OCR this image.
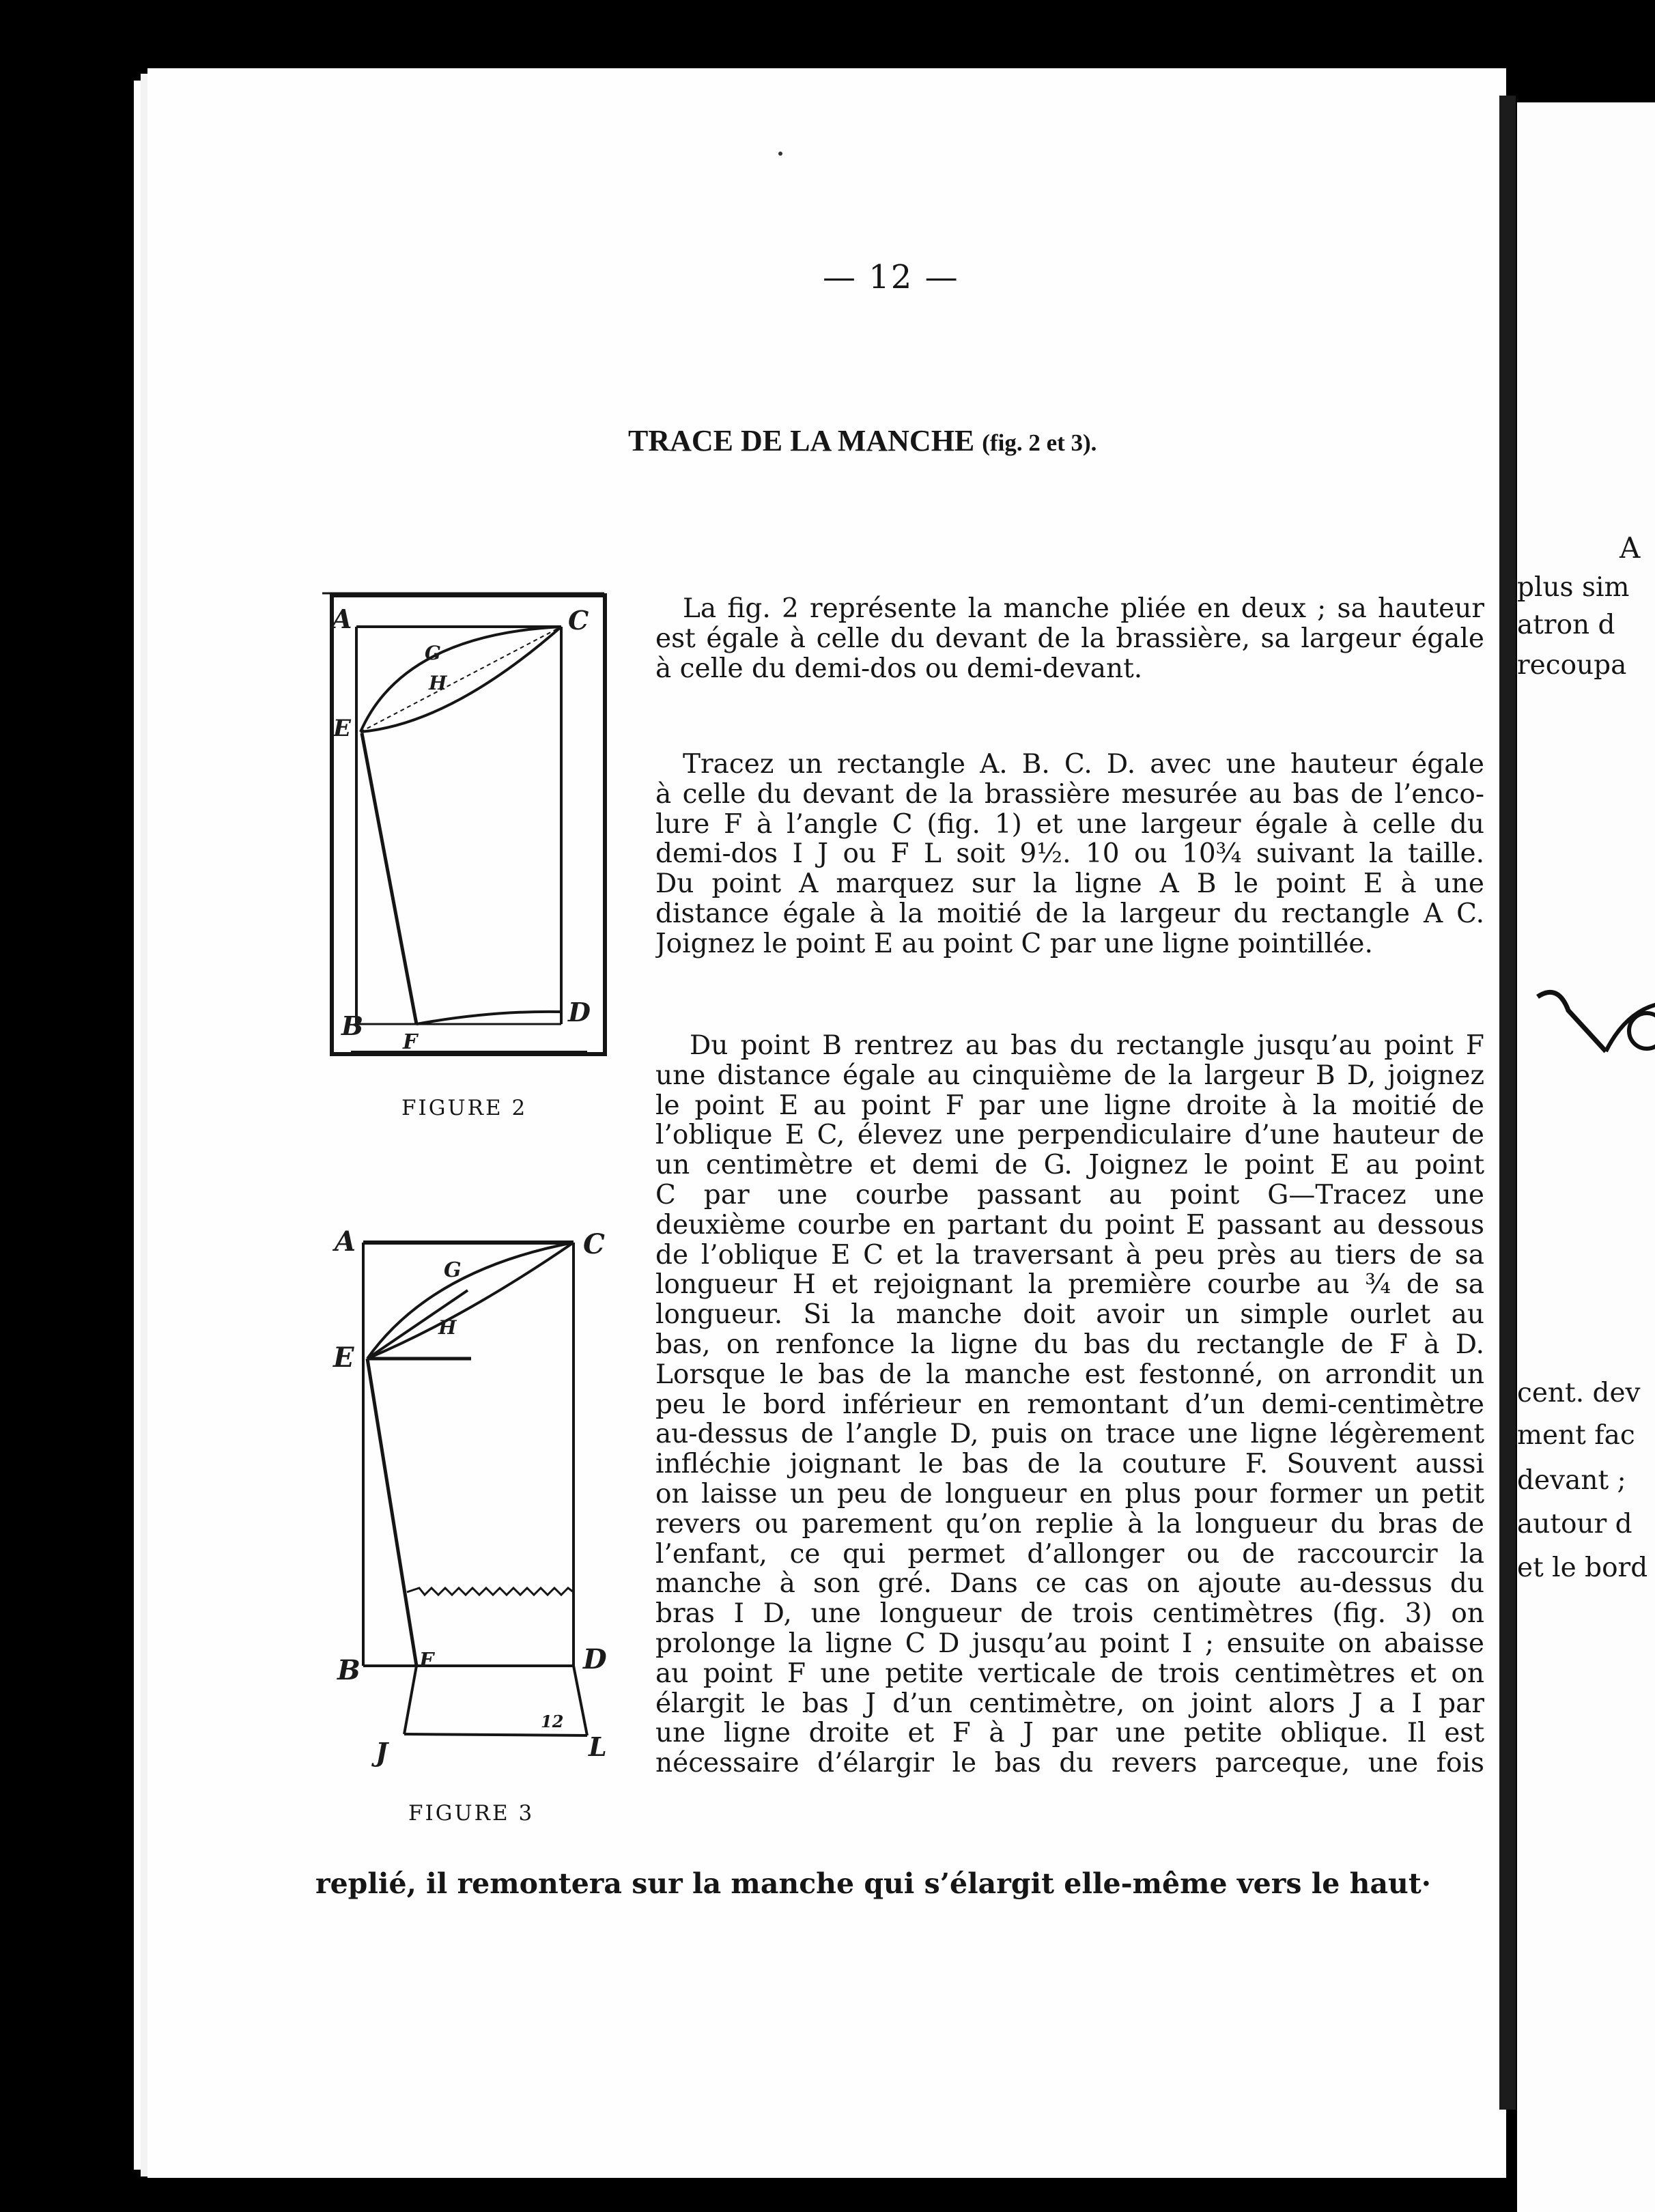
A
plus sim
atron d
recoupa
cent. dev
ment fac
devant ;
autour d
et le bord
— 12 —
TRACE DE LA MANCHE (fig. 2 et 3).
La fig. 2 représente la manche pliée en deux ; sa hauteur
est égale à celle du devant de la brassière, sa largeur égale
à celle du demi-dos ou demi-devant.
Tracez un rectangle A. B. C. D. avec une hauteur égale
à celle du devant de la brassière mesurée au bas de l’enco-
lure F à l’angle C (fig. 1) et une largeur égale à celle du
demi-dos I J ou F L soit 9½. 10 ou 10¾ suivant la taille.
Du point A marquez sur la ligne A B le point E à une
distance égale à la moitié de la largeur du rectangle A C.
Joignez le point E au point C par une ligne pointillée.
Du point B rentrez au bas du rectangle jusqu’au point F
une distance égale au cinquième de la largeur B D, joignez
le point E au point F par une ligne droite à la moitié de
l’oblique E C, élevez une perpendiculaire d’une hauteur de
un centimètre et demi de G. Joignez le point E au point
C par une courbe passant au point G—Tracez une
deuxième courbe en partant du point E passant au dessous
de l’oblique E C et la traversant à peu près au tiers de sa
longueur H et rejoignant la première courbe au ¾ de sa
longueur. Si la manche doit avoir un simple ourlet au
bas, on renfonce la ligne du bas du rectangle de F à D.
Lorsque le bas de la manche est festonné, on arrondit un
peu le bord inférieur en remontant d’un demi-centimètre
au-dessus de l’angle D, puis on trace une ligne légèrement
infléchie joignant le bas de la couture F. Souvent aussi
on laisse un peu de longueur en plus pour former un petit
revers ou parement qu’on replie à la longueur du bras de
l’enfant, ce qui permet d’allonger ou de raccourcir la
manche à son gré. Dans ce cas on ajoute au-dessus du
bras I D, une longueur de trois centimètres (fig. 3) on
prolonge la ligne C D jusqu’au point I ; ensuite on abaisse
au point F une petite verticale de trois centimètres et on
élargit le bas J d’un centimètre, on joint alors J a I par
une ligne droite et F à J par une petite oblique. Il est
nécessaire d’élargir le bas du revers parceque, une fois
replié, il remontera sur la manche qui s’élargit elle-même vers le haut·
A	C
G
H
E
B
F
D
FIGURE 2
A	C
G
H
E
B	F	D
J	L
12
FIGURE 3
